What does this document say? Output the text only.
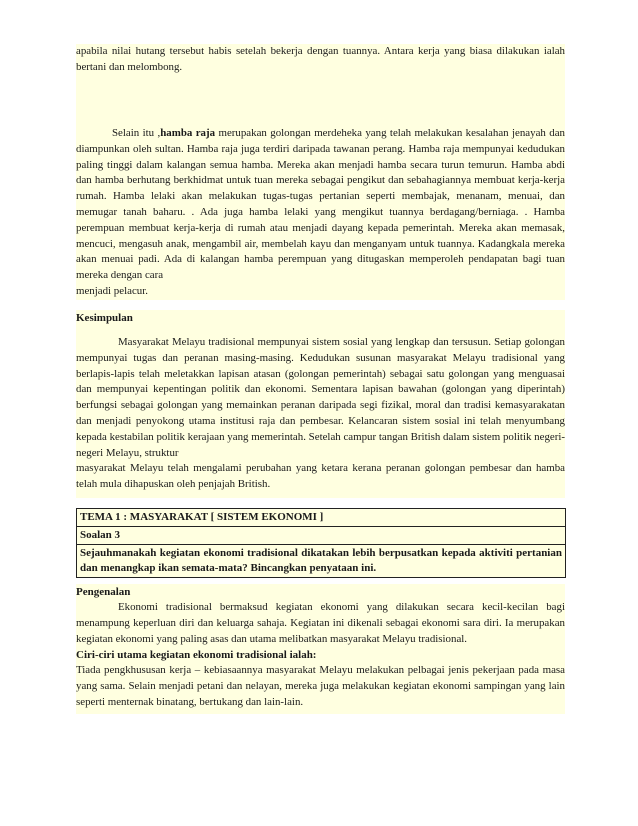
apabila nilai hutang tersebut habis setelah bekerja dengan tuannya. Antara kerja yang biasa dilakukan ialah bertani dan melombong.

Selain itu ,hamba raja merupakan golongan merdeheka yang telah melakukan kesalahan jenayah dan diampunkan oleh sultan. Hamba raja juga terdiri daripada tawanan perang. Hamba raja mempunyai kedudukan paling tinggi dalam kalangan semua hamba. Mereka akan menjadi hamba secara turun temurun. Hamba abdi dan hamba berhutang berkhidmat untuk tuan mereka sebagai pengikut dan sebahagiannya membuat kerja-kerja rumah. Hamba lelaki akan melakukan tugas-tugas pertanian seperti membajak, menanam, menuai, dan memugar tanah baharu. . Ada juga hamba lelaki yang mengikut tuannya berdagang/berniaga. . Hamba perempuan membuat kerja-kerja di rumah atau menjadi dayang kepada pemerintah. Mereka akan memasak, mencuci, mengasuh anak, mengambil air, membelah kayu dan menganyam untuk tuannya. Kadangkala mereka akan menuai padi. Ada di kalangan hamba perempuan yang ditugaskan memperoleh pendapatan bagi tuan mereka dengan cara

menjadi pelacur.

Kesimpulan

Masyarakat Melayu tradisional mempunyai sistem sosial yang lengkap dan tersusun. Setiap golongan mempunyai tugas dan peranan masing-masing. Kedudukan susunan masyarakat Melayu tradisional yang berlapis-lapis telah meletakkan lapisan atasan (golongan pemerintah) sebagai satu golongan yang menguasai dan mempunyai kepentingan politik dan ekonomi. Sementara lapisan bawahan (golongan yang diperintah) berfungsi sebagai golongan yang memainkan peranan daripada segi fizikal, moral dan tradisi kemasyarakatan dan menjadi penyokong utama institusi raja dan pembesar. Kelancaran sistem sosial ini telah menyumbang kepada kestabilan politik kerajaan yang memerintah. Setelah campur tangan British dalam sistem politik negeri-negeri Melayu, struktur

masyarakat Melayu telah mengalami perubahan yang ketara kerana peranan golongan pembesar dan hamba telah mula dihapuskan oleh penjajah British.

TEMA 1 : MASYARAKAT [ SISTEM EKONOMI ]
Soalan 3
Sejauhmanakah kegiatan ekonomi tradisional dikatakan lebih berpusatkan kepada aktiviti pertanian dan menangkap ikan semata-mata? Bincangkan penyataan ini.

Pengenalan

Ekonomi tradisional bermaksud kegiatan ekonomi yang dilakukan secara kecil-kecilan bagi menampung keperluan diri dan keluarga sahaja. Kegiatan ini dikenali sebagai ekonomi sara diri. Ia merupakan kegiatan ekonomi yang paling asas dan utama melibatkan masyarakat Melayu tradisional.

Ciri-ciri utama kegiatan ekonomi tradisional ialah:

Tiada pengkhususan kerja – kebiasaannya masyarakat Melayu melakukan pelbagai jenis pekerjaan pada masa yang sama. Selain menjadi petani dan nelayan, mereka juga melakukan kegiatan ekonomi sampingan yang lain seperti menternak binatang, bertukang dan lain-lain.
